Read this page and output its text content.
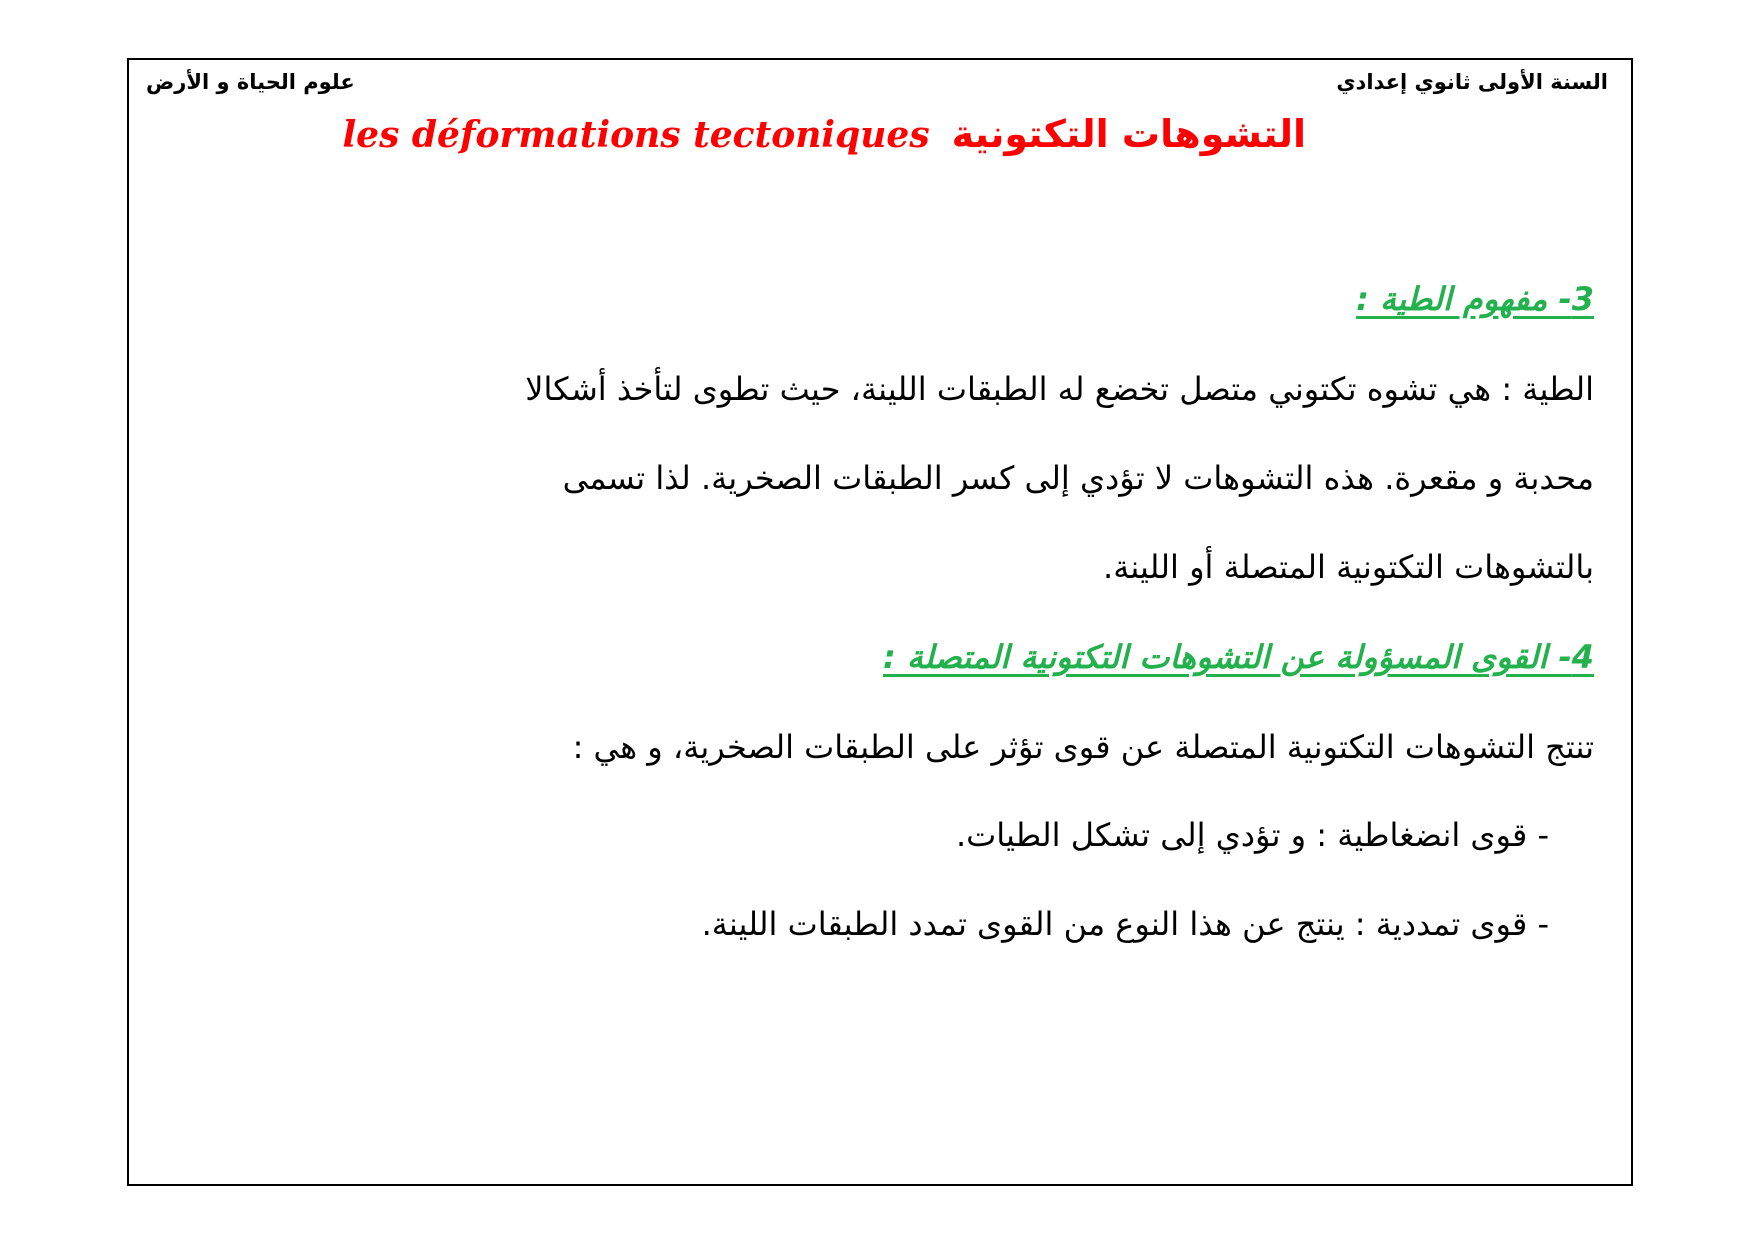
السنة الأولى ثانوي إعدادي
علوم الحياة و الأرض
les déformations tectoniques التشوهات التكتونية
3- مفهوم الطية :
الطية : هي تشوه تكتوني متصل تخضع له الطبقات اللينة، حيث تطوى لتأخذ أشكالا
محدبة و مقعرة. هذه التشوهات لا تؤدي إلى كسر الطبقات الصخرية. لذا تسمى
بالتشوهات التكتونية المتصلة أو اللينة.
4- القوى المسؤولة عن التشوهات التكتونية المتصلة :
تنتج التشوهات التكتونية المتصلة عن قوى تؤثر على الطبقات الصخرية، و هي :
- قوى انضغاطية : و تؤدي إلى تشكل الطيات.
- قوى تمددية : ينتج عن هذا النوع من القوى تمدد الطبقات اللينة.
